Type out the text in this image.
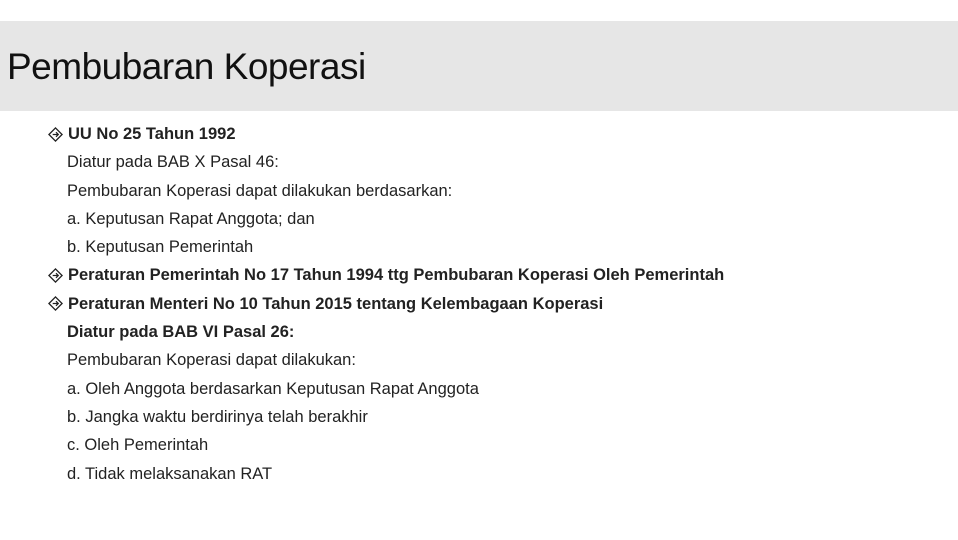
Pembubaran Koperasi
UU No 25 Tahun 1992
Diatur pada BAB X Pasal 46:
Pembubaran Koperasi dapat dilakukan berdasarkan:
a. Keputusan Rapat Anggota; dan
b. Keputusan Pemerintah
Peraturan Pemerintah No 17 Tahun 1994 ttg Pembubaran Koperasi Oleh Pemerintah
Peraturan Menteri No 10 Tahun 2015 tentang Kelembagaan Koperasi
Diatur pada BAB VI Pasal 26:
Pembubaran Koperasi dapat dilakukan:
a. Oleh Anggota berdasarkan Keputusan Rapat Anggota
b. Jangka waktu berdirinya telah berakhir
c. Oleh Pemerintah
d. Tidak melaksanakan RAT
